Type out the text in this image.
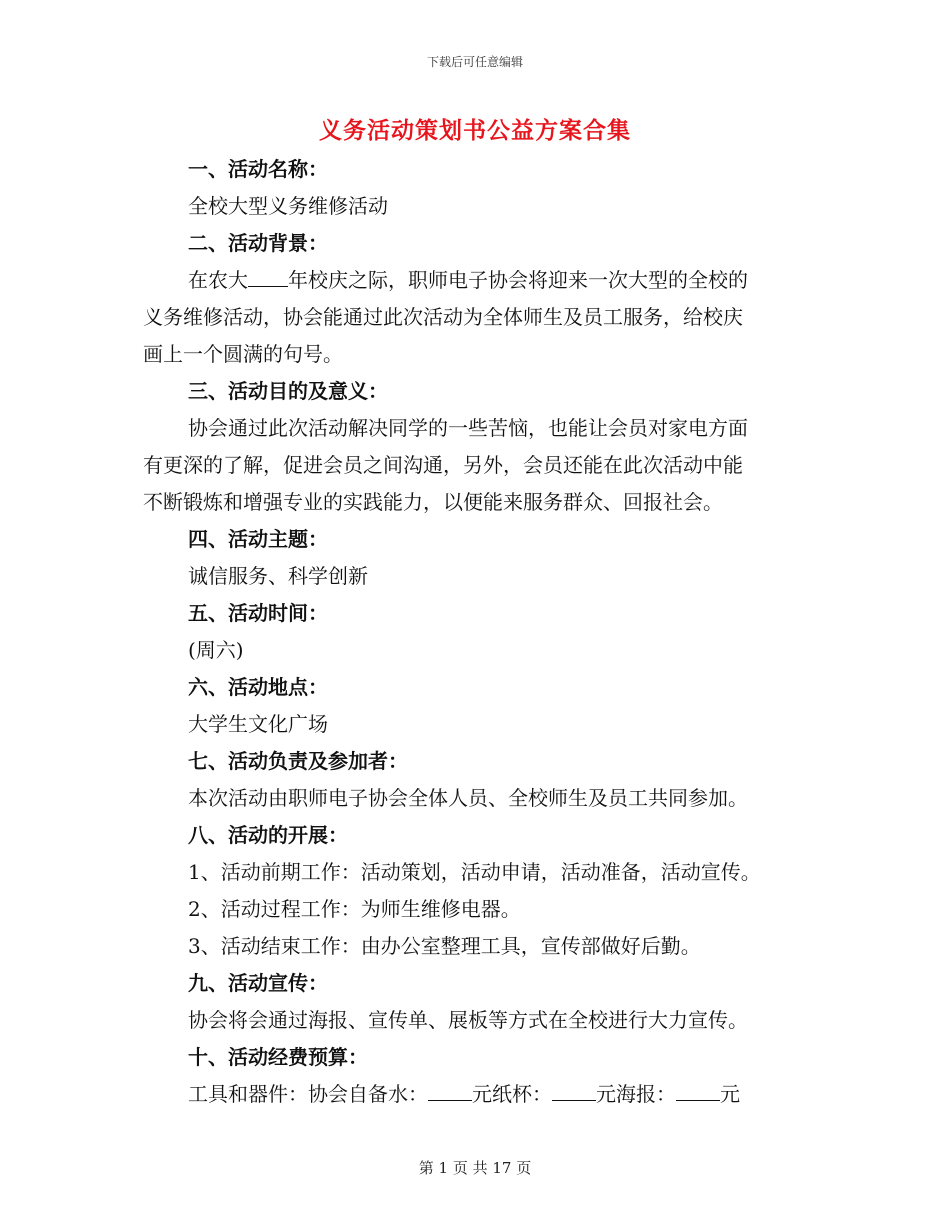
下载后可任意编辑
义务活动策划书公益方案合集
一、活动名称：
全校大型义务维修活动
二、活动背景：
在农大 年校庆之际，职师电子协会将迎来一次大型的全校的
义务维修活动，协会能通过此次活动为全体师生及员工服务，给校庆
画上一个圆满的句号。
三、活动目的及意义：
协会通过此次活动解决同学的一些苦恼，也能让会员对家电方面
有更深的了解，促进会员之间沟通，另外，会员还能在此次活动中能
不断锻炼和增强专业的实践能力，以便能来服务群众、回报社会。
四、活动主题：
诚信服务、科学创新
五、活动时间：
(周六)
六、活动地点：
大学生文化广场
七、活动负责及参加者：
本次活动由职师电子协会全体人员、全校师生及员工共同参加。
八、活动的开展：
1、活动前期工作：活动策划，活动申请，活动准备，活动宣传。
2、活动过程工作：为师生维修电器。
3、活动结束工作：由办公室整理工具，宣传部做好后勤。
九、活动宣传：
协会将会通过海报、宣传单、展板等方式在全校进行大力宣传。
十、活动经费预算：
工具和器件：协会自备水： 元纸杯： 元海报： 元
第 1 页 共 17 页
